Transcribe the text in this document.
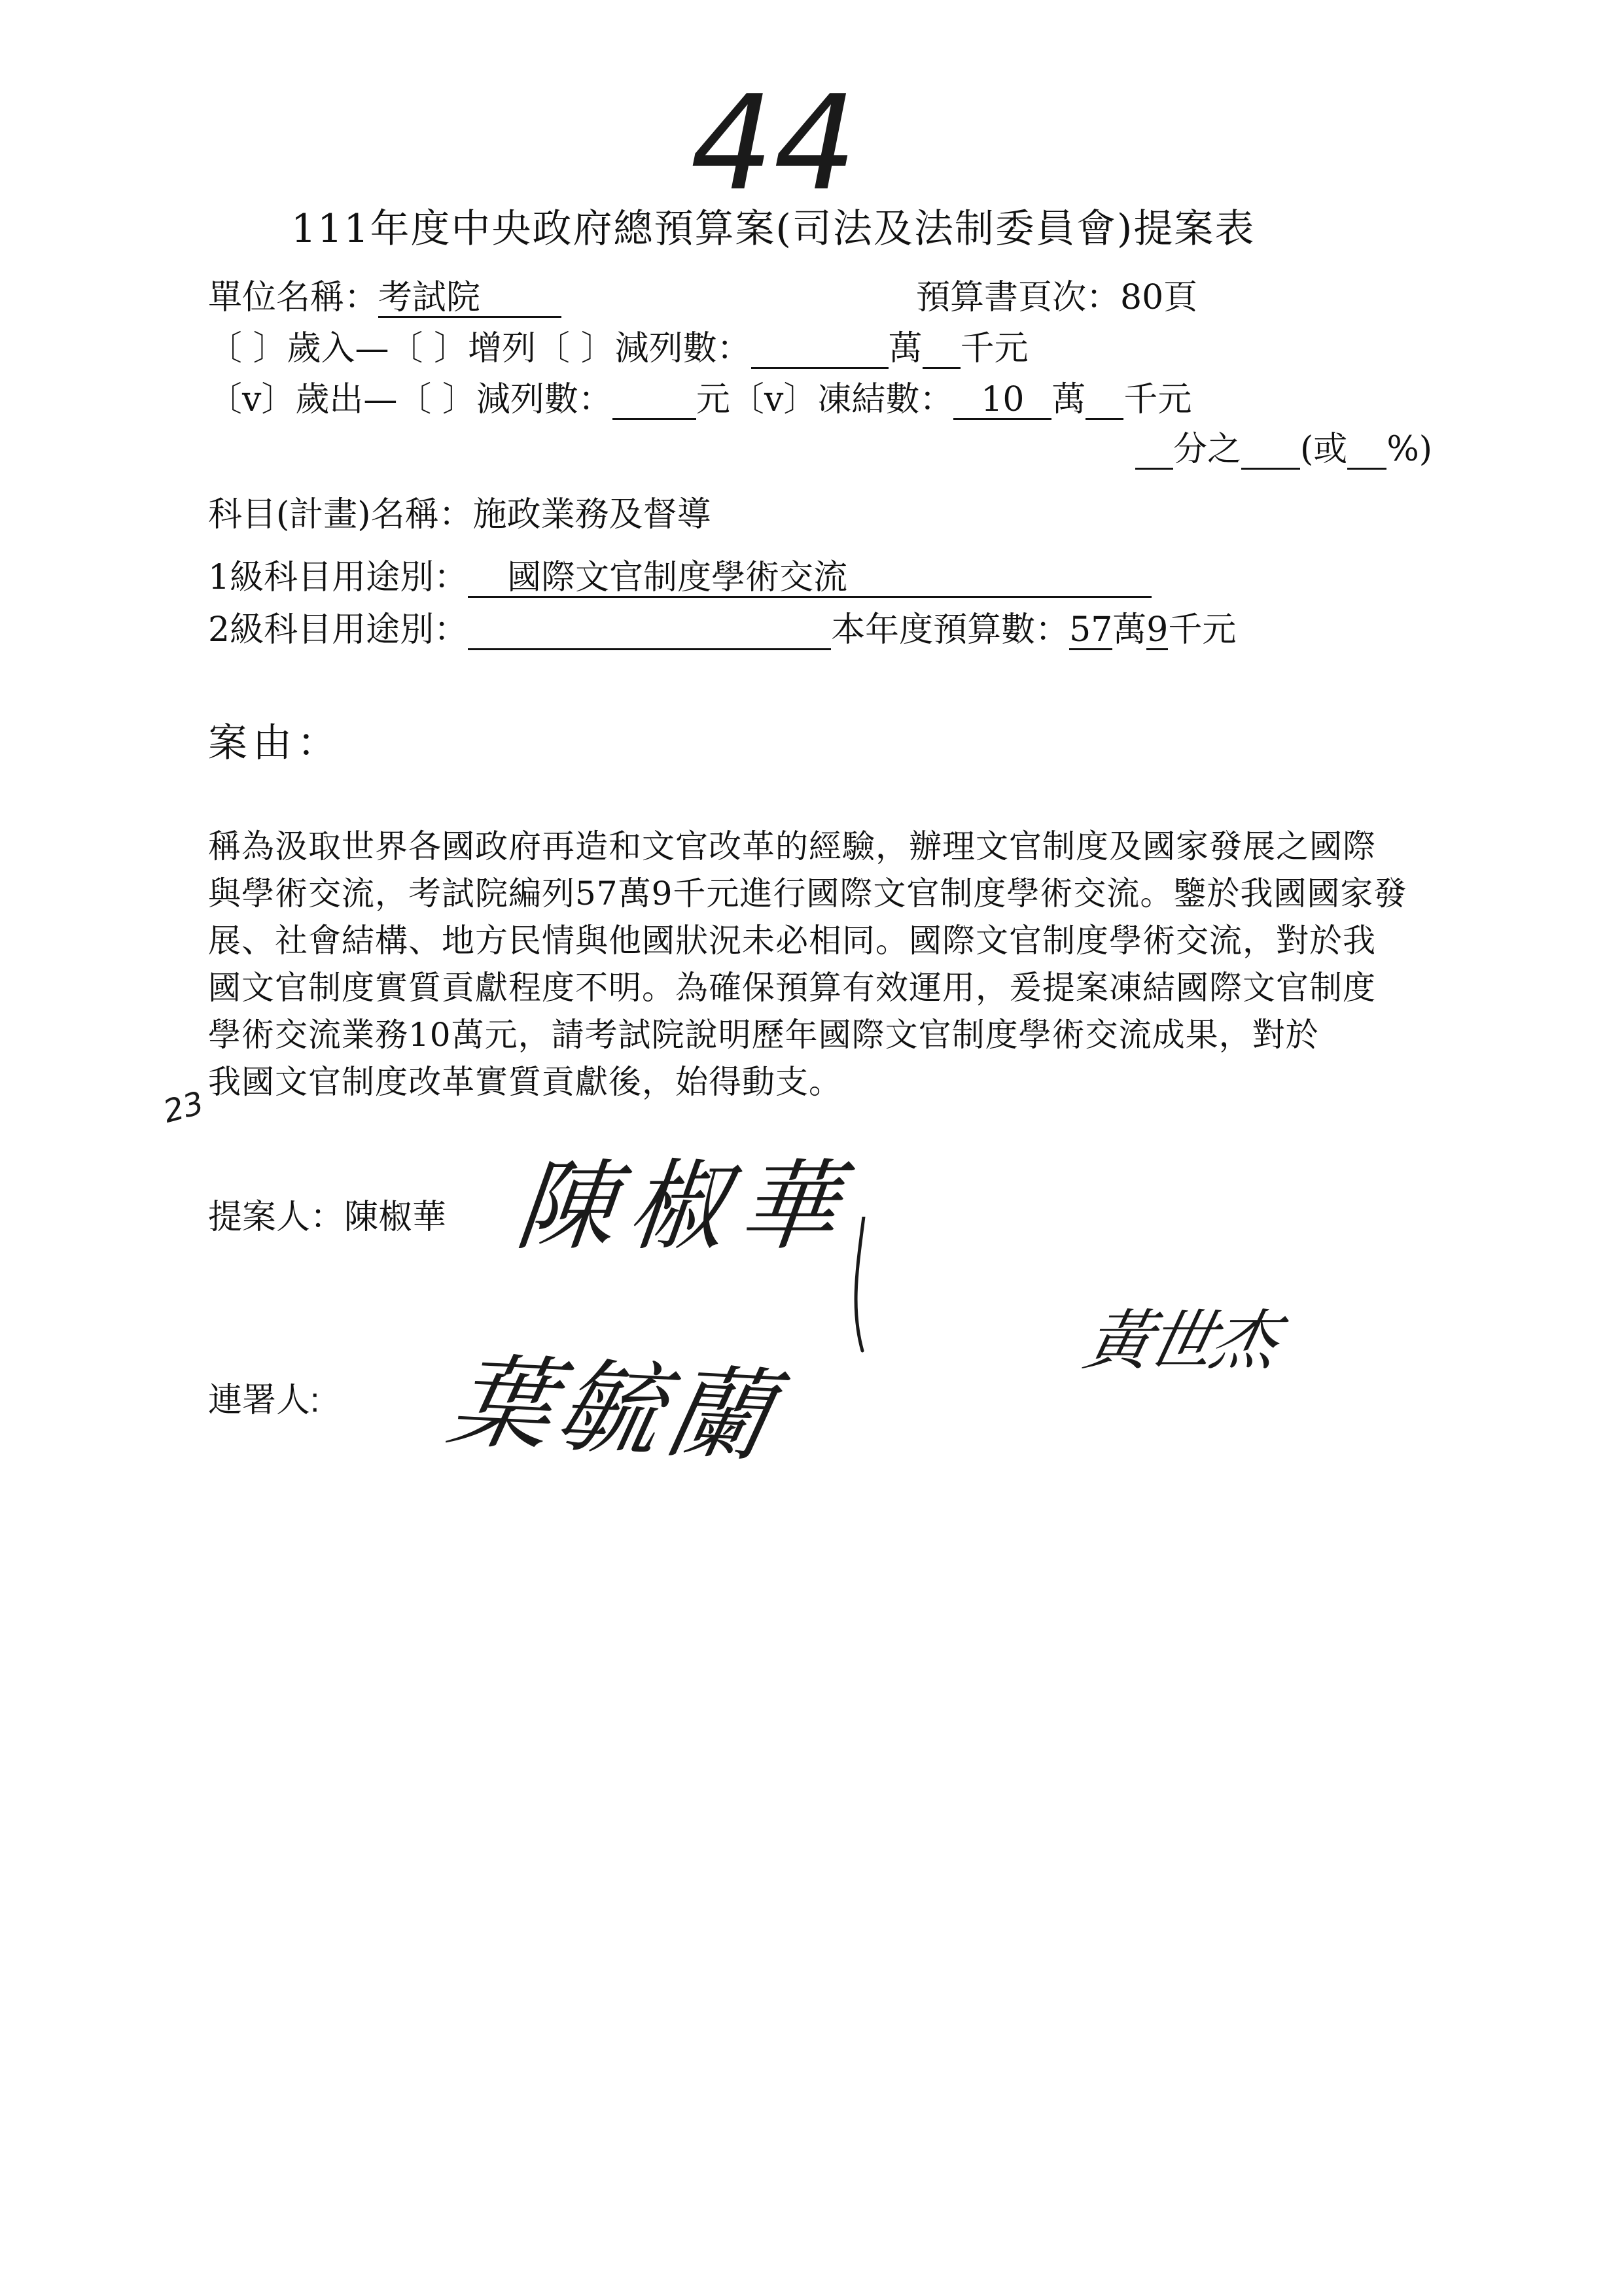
44
111年度中央政府總預算案(司法及法制委員會)提案表
單位名稱：考試院	預算書頁次：80頁
〔 〕歲入—〔 〕增列〔 〕減列數：	萬 千元
〔v〕歲出—〔 〕減列數： 元〔v〕凍結數： 10 萬 千元
分之 (或 %)
科目(計畫)名稱：施政業務及督導
1級科目用途別： 國際文官制度學術交流
2級科目用途別：	本年度預算數：57萬9千元
案由：
稱為汲取世界各國政府再造和文官改革的經驗，辦理文官制度及國家發展之國際
與學術交流，考試院編列57萬9千元進行國際文官制度學術交流。鑒於我國國家發
展、社會結構、地方民情與他國狀況未必相同。國際文官制度學術交流，對於我
國文官制度實質貢獻程度不明。為確保預算有效運用，爰提案凍結國際文官制度
學術交流業務10萬元，請考試院說明歷年國際文官制度學術交流成果，對於
我國文官制度改革實質貢獻後，始得動支。
23
提案人：陳椒華 陳椒華
連署人: 葉毓蘭
黃世杰
